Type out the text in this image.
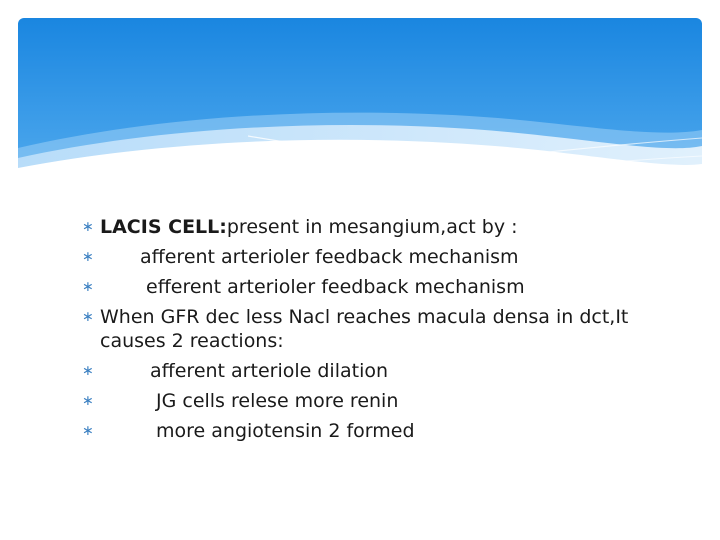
∗ LACIS CELL:present in mesangium,act by :
∗ afferent arterioler feedback mechanism
∗	efferent arterioler feedback mechanism
∗ When GFR dec less Nacl reaches macula densa in dct,It causes 2 reactions:
∗	afferent arteriole dilation
∗	JG cells relese more renin
∗	more angiotensin 2 formed
